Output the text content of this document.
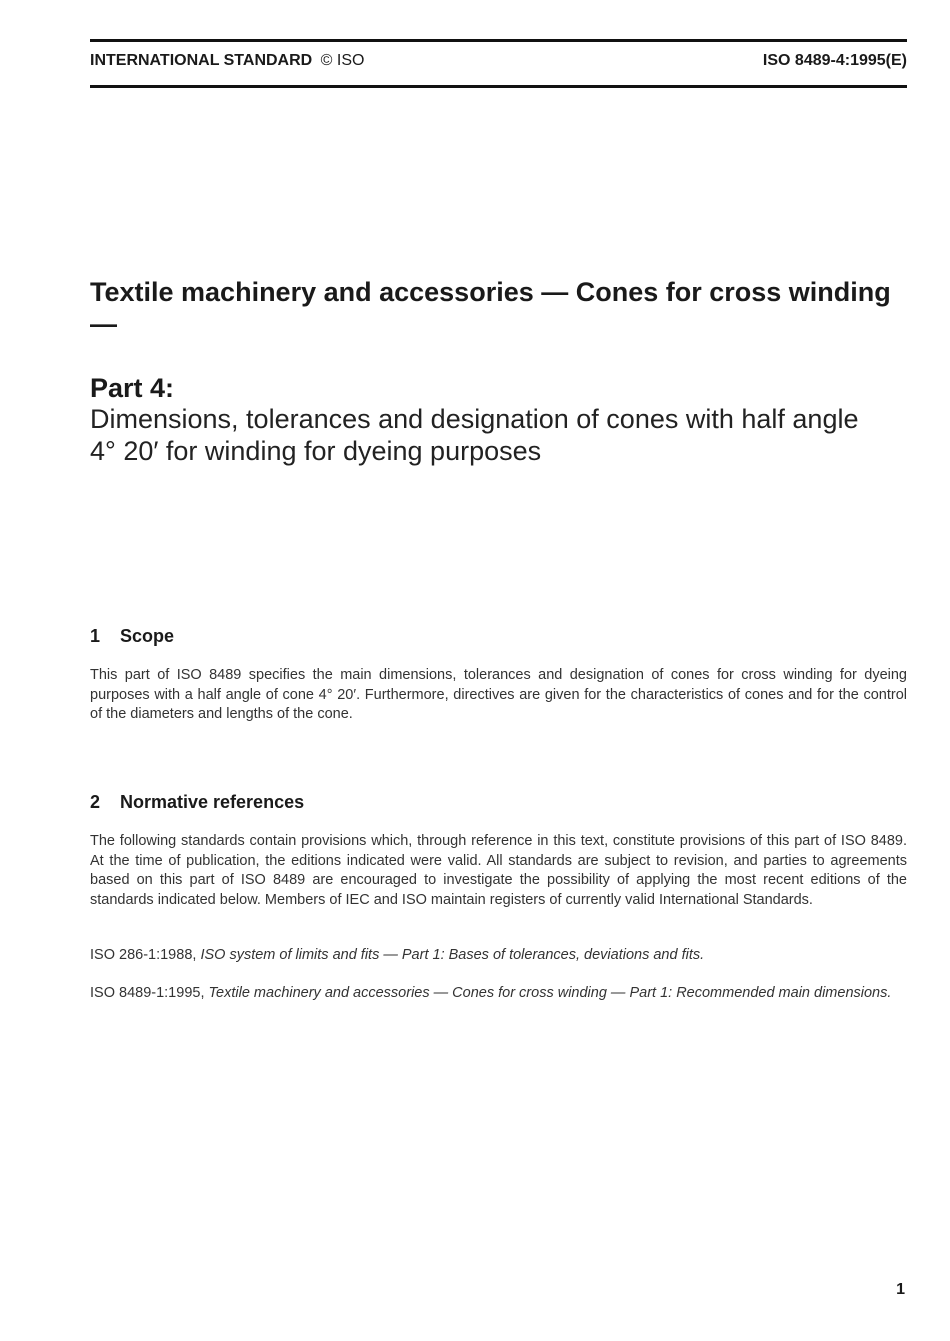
INTERNATIONAL STANDARD © ISO	ISO 8489-4:1995(E)
Textile machinery and accessories — Cones for cross winding —
Part 4:

Dimensions, tolerances and designation of cones with half angle 4° 20′ for winding for dyeing purposes

1 Scope

This part of ISO 8489 specifies the main dimensions, tolerances and designation of cones for cross winding for dyeing purposes with a half angle of cone 4° 20′. Furthermore, directives are given for the characteristics of cones and for the control of the diameters and lengths of the cone.

2 Normative references

The following standards contain provisions which, through reference in this text, constitute provisions of this part of ISO 8489. At the time of publication, the editions indicated were valid. All standards are subject to revision, and parties to agreements based on this part of ISO 8489 are encouraged to investigate the possibility of applying the most recent editions of the standards indicated below. Members of IEC and ISO maintain registers of currently valid International Standards.

ISO 286-1:1988, ISO system of limits and fits — Part 1: Bases of tolerances, deviations and fits.

ISO 8489-1:1995, Textile machinery and accessories — Cones for cross winding — Part 1: Recommended main dimensions.

1
